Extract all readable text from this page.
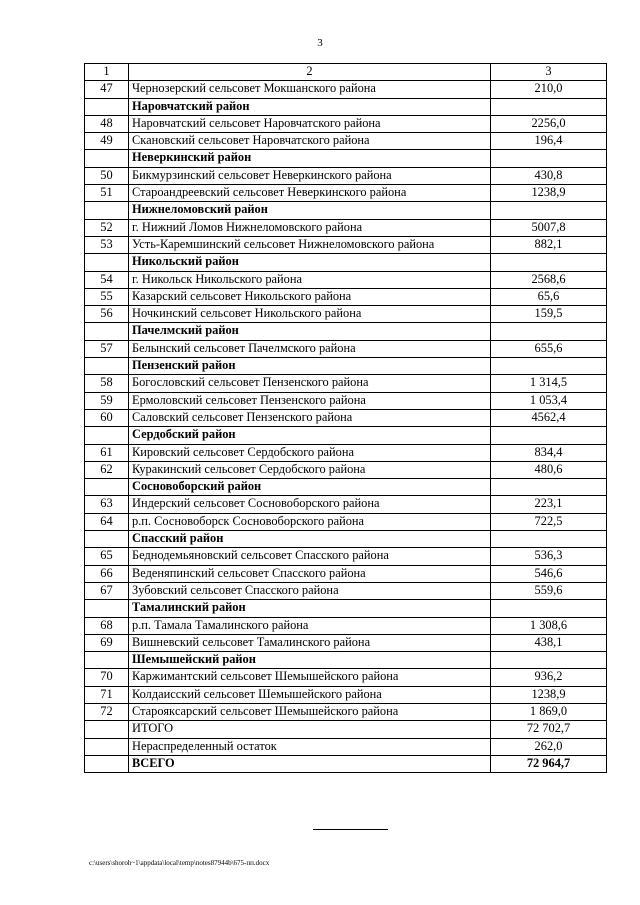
3
1	2	3
47	Чернозерский сельсовет Мокшанского района	210,0
	Наровчатский район	
48	Наровчатский сельсовет Наровчатского района	2256,0
49	Скановский сельсовет Наровчатского района	196,4
	Неверкинский район	
50	Бикмурзинский сельсовет Неверкинского района	430,8
51	Староандреевский сельсовет Неверкинского района	1238,9
	Нижнеломовский район	
52	г. Нижний Ломов Нижнеломовского района	5007,8
53	Усть-Каремшинский сельсовет Нижнеломовского района	882,1
	Никольский район	
54	г. Никольск Никольского района	2568,6
55	Казарский сельсовет Никольского района	65,6
56	Ночкинский сельсовет Никольского района	159,5
	Пачелмский район	
57	Белынский сельсовет Пачелмского района	655,6
	Пензенский район	
58	Богословский сельсовет Пензенского района	1 314,5
59	Ермоловский сельсовет Пензенского района	1 053,4
60	Саловский сельсовет Пензенского района	4562,4
	Сердобский район	
61	Кировский сельсовет Сердобского района	834,4
62	Куракинский сельсовет Сердобского района	480,6
	Сосновоборский район	
63	Индерский сельсовет Сосновоборского района	223,1
64	р.п. Сосновоборск Сосновоборского района	722,5
	Спасский район	
65	Беднодемьяновский сельсовет Спасского района	536,3
66	Веденяпинский сельсовет Спасского района	546,6
67	Зубовский сельсовет Спасского района	559,6
	Тамалинский район	
68	р.п. Тамала Тамалинского района	1 308,6
69	Вишневский сельсовет Тамалинского района	438,1
	Шемышейский район	
70	Каржимантский сельсовет Шемышейского района	936,2
71	Колдаисский сельсовет Шемышейского района	1238,9
72	Староякcарский сельсовет Шемышейского района	1 869,0
	ИТОГО	72 702,7
	Нераспределенный остаток	262,0
	ВСЕГО	72 964,7
c:\users\shoroh~1\appdata\local\temp\notes87944b\675-пп.docx
